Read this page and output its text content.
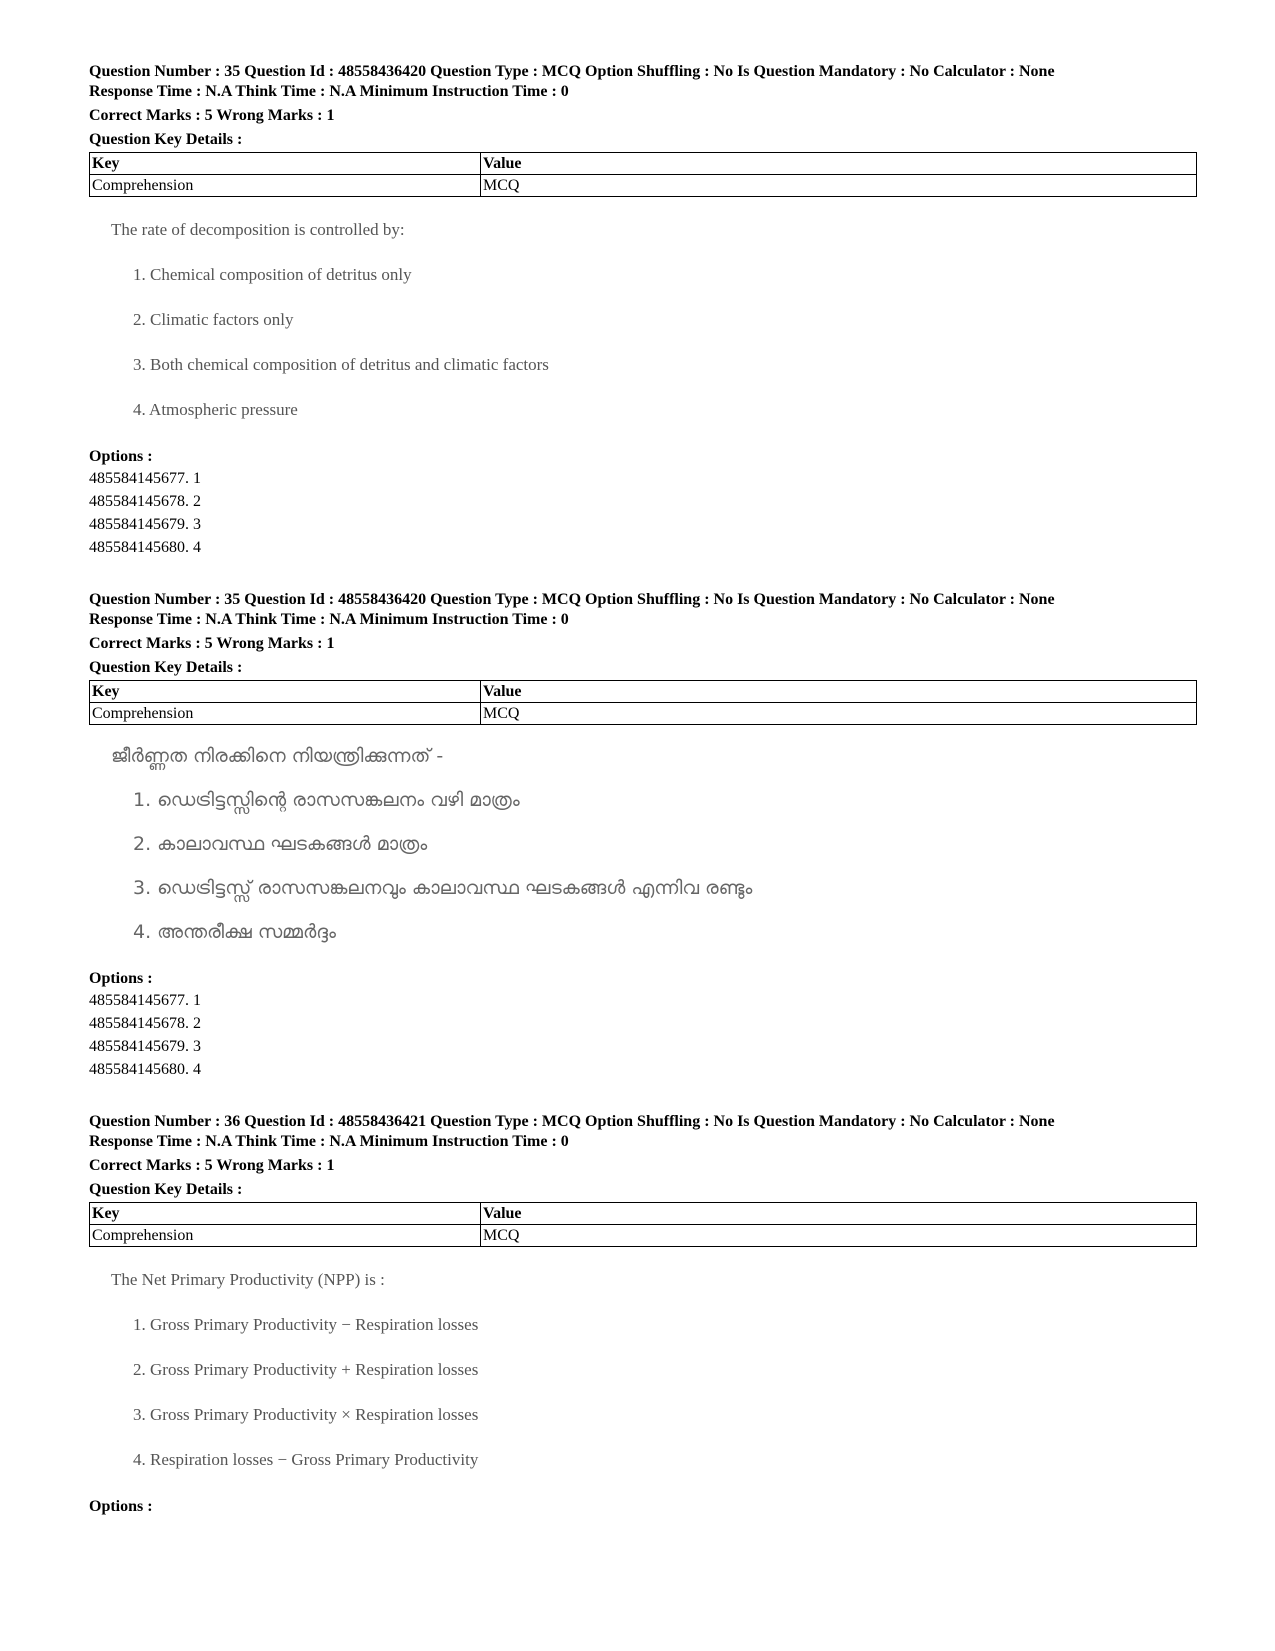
Question Number : 35 Question Id : 48558436420 Question Type : MCQ Option Shuffling : No Is Question Mandatory : No Calculator : None
Response Time : N.A Think Time : N.A Minimum Instruction Time : 0
Correct Marks : 5 Wrong Marks : 1
Question Key Details :
Key	Value
Comprehension	MCQ
The rate of decomposition is controlled by:
1. Chemical composition of detritus only
2. Climatic factors only
3. Both chemical composition of detritus and climatic factors
4. Atmospheric pressure
Options :
485584145677. 1
485584145678. 2
485584145679. 3
485584145680. 4
Question Number : 35 Question Id : 48558436420 Question Type : MCQ Option Shuffling : No Is Question Mandatory : No Calculator : None
Response Time : N.A Think Time : N.A Minimum Instruction Time : 0
Correct Marks : 5 Wrong Marks : 1
Question Key Details :
Key	Value
Comprehension	MCQ
ജീർണ്ണത നിരക്കിനെ നിയന്ത്രിക്കുന്നത് -
1. ഡെട്രിട്ടസ്സിന്റെ രാസസങ്കലനം വഴി മാത്രം
2. കാലാവസ്ഥ ഘടകങ്ങൾ മാത്രം
3. ഡെട്രിട്ടസ്സ് രാസസങ്കലനവും കാലാവസ്ഥ ഘടകങ്ങൾ എന്നിവ രണ്ടും
4. അന്തരീക്ഷ സമ്മർദ്ദം
Options :
485584145677. 1
485584145678. 2
485584145679. 3
485584145680. 4
Question Number : 36 Question Id : 48558436421 Question Type : MCQ Option Shuffling : No Is Question Mandatory : No Calculator : None
Response Time : N.A Think Time : N.A Minimum Instruction Time : 0
Correct Marks : 5 Wrong Marks : 1
Question Key Details :
Key	Value
Comprehension	MCQ
The Net Primary Productivity (NPP) is :
1. Gross Primary Productivity − Respiration losses
2. Gross Primary Productivity + Respiration losses
3. Gross Primary Productivity × Respiration losses
4. Respiration losses − Gross Primary Productivity
Options :
